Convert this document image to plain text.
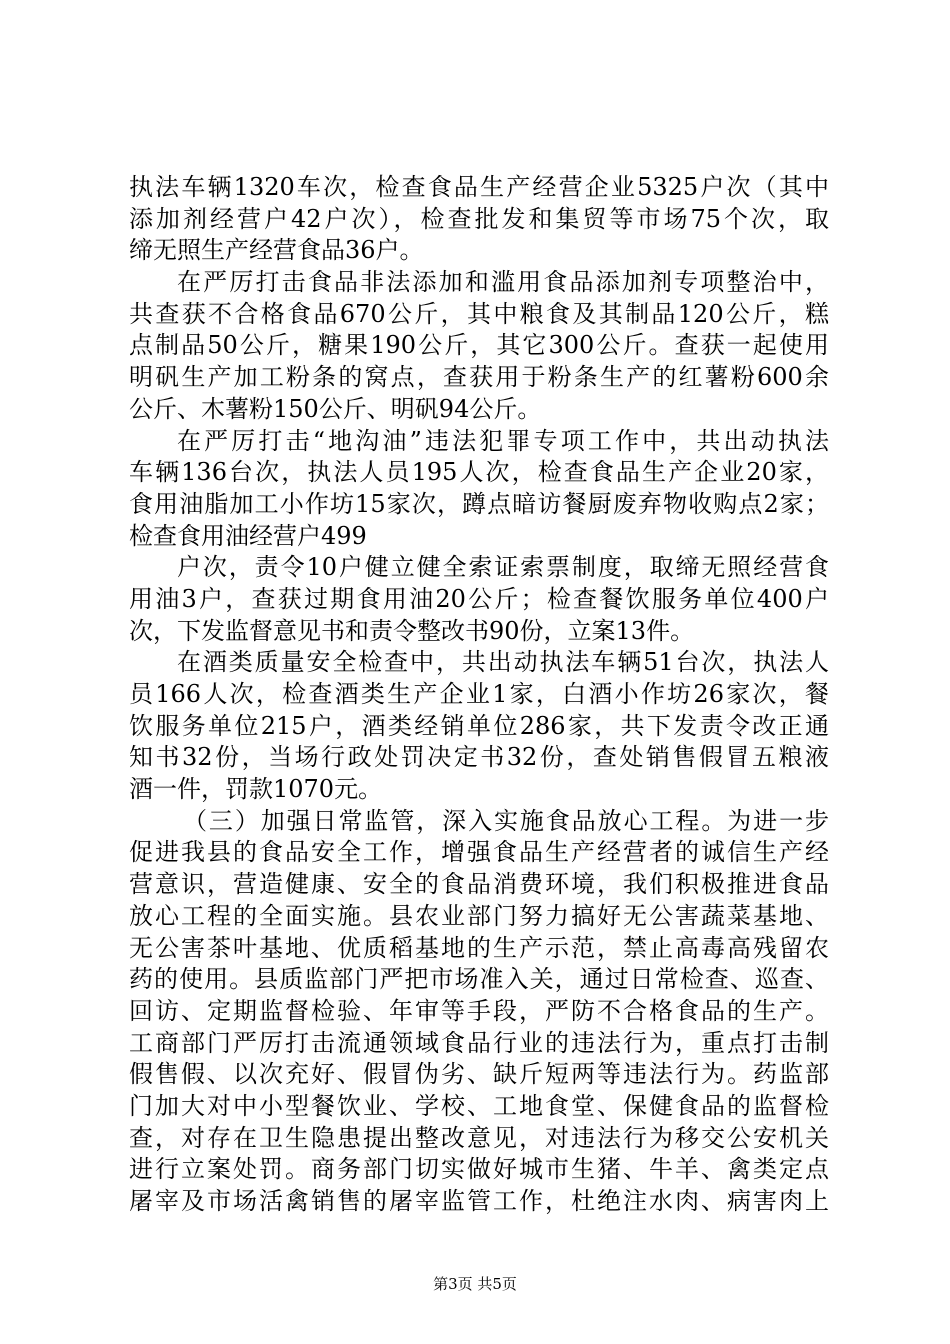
执法车辆1320车次，检查食品生产经营企业5325户次（其中
添加剂经营户42户次），检查批发和集贸等市场75个次，取
缔无照生产经营食品36户。
在严厉打击食品非法添加和滥用食品添加剂专项整治中，
共查获不合格食品670公斤，其中粮食及其制品120公斤，糕
点制品50公斤，糖果190公斤，其它300公斤。查获一起使用
明矾生产加工粉条的窝点，查获用于粉条生产的红薯粉600余
公斤、木薯粉150公斤、明矾94公斤。
在严厉打击“地沟油”违法犯罪专项工作中，共出动执法
车辆136台次，执法人员195人次，检查食品生产企业20家，
食用油脂加工小作坊15家次，蹲点暗访餐厨废弃物收购点2家；
检查食用油经营户499
户次，责令10户健立健全索证索票制度，取缔无照经营食
用油3户，查获过期食用油20公斤；检查餐饮服务单位400户
次，下发监督意见书和责令整改书90份，立案13件。
在酒类质量安全检查中，共出动执法车辆51台次，执法人
员166人次，检查酒类生产企业1家，白酒小作坊26家次，餐
饮服务单位215户，酒类经销单位286家，共下发责令改正通
知书32份，当场行政处罚决定书32份，查处销售假冒五粮液
酒一件，罚款1070元。
（三）加强日常监管，深入实施食品放心工程。为进一步
促进我县的食品安全工作，增强食品生产经营者的诚信生产经
营意识，营造健康、安全的食品消费环境，我们积极推进食品
放心工程的全面实施。县农业部门努力搞好无公害蔬菜基地、
无公害茶叶基地、优质稻基地的生产示范，禁止高毒高残留农
药的使用。县质监部门严把市场准入关，通过日常检查、巡查、
回访、定期监督检验、年审等手段，严防不合格食品的生产。
工商部门严厉打击流通领域食品行业的违法行为，重点打击制
假售假、以次充好、假冒伪劣、缺斤短两等违法行为。药监部
门加大对中小型餐饮业、学校、工地食堂、保健食品的监督检
查，对存在卫生隐患提出整改意见，对违法行为移交公安机关
进行立案处罚。商务部门切实做好城市生猪、牛羊、禽类定点
屠宰及市场活禽销售的屠宰监管工作，杜绝注水肉、病害肉上
第3页 共5页
